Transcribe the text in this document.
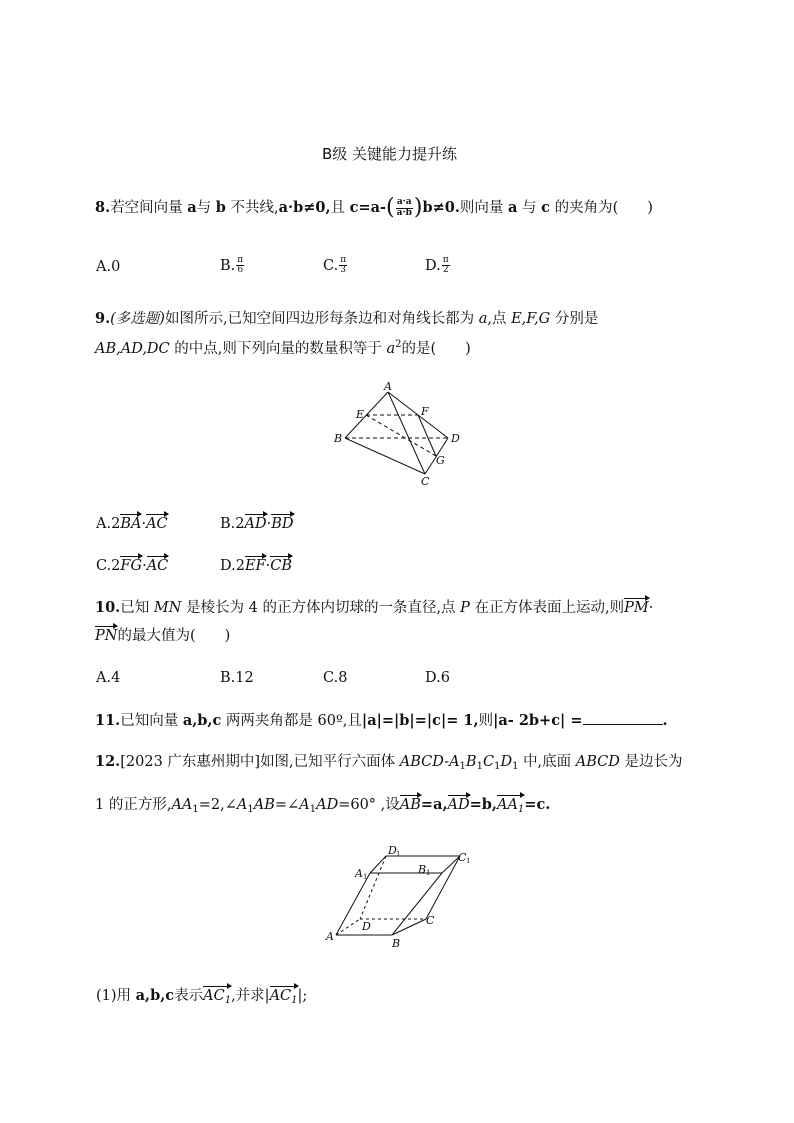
B级 关键能力提升练
8.若空间向量 a与 b 不共线,a·b≠0,且 $c=a-( \frac{a\cdot a}{a\cdot b} )b\ne 0$.则向量 a 与 c 的夹角为(　　)
A.0	B. $\frac{\pi}{6}$	C. $\frac{\pi}{3}$	D. $\frac{\pi}{2}$
9.(多选题)如图所示,已知空间四边形每条边和对角线长都为 a,点 E,F,G 分别是
AB,AD,DC 的中点,则下列向量的数量积等于 $a^2$的是(　　)
A
E	F
B	D
G
C
A.2BA·AC	B.2AD·BD
C.2FG·AC	D.2EF·CB
10.已知 MN 是棱长为 4 的正方体内切球的一条直径,点 P 在正方体表面上运动,则PM·
PN的最大值为(　　)
A.4	B.12	C.8	D.6
11.已知向量 a,b,c 两两夹角都是 60º,且|a|=|b|=|c|= 1,则|a- 2b+c| =	.
12.[2023 广东惠州期中]如图,已知平行六面体 ABCD-$A_1B_1C_1D_1$ 中,底面 ABCD 是边长为
1 的正方形$,AA_1=2,\angle A_1AB=\angle A_1AD=60^\circ$ ,设$AB=a,AD=b,AA_1=c$.
D 1	C 1
A 1
B 1
D	C
A
B
(1)用 a,b,c表示$AC_1$,并求$|AC_1|$;
